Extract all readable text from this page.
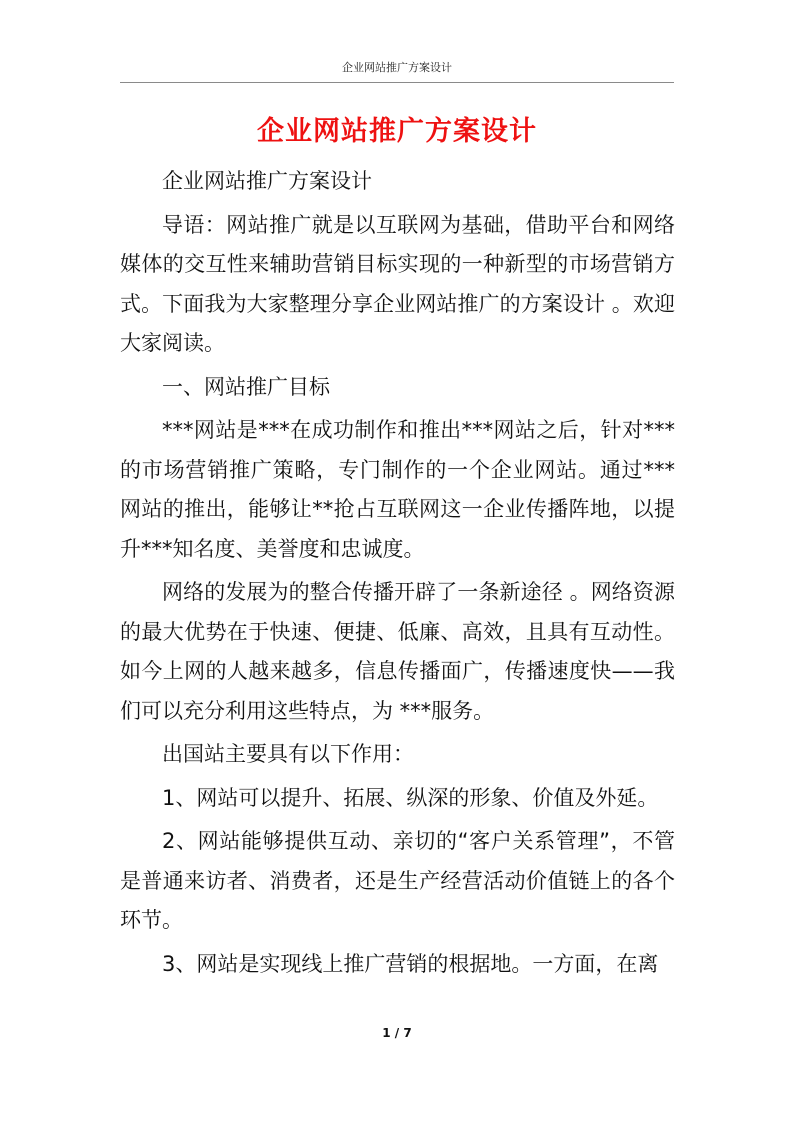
企业网站推广方案设计
企业网站推广方案设计

企业网站推广方案设计

导语：网站推广就是以互联网为基础，借助平台和网络媒体的交互性来辅助营销目标实现的一种新型的市场营销方式。下面我为大家整理分享企业网站推广的方案设计 。欢迎大家阅读。

一、网站推广目标

***网站是***在成功制作和推出***网站之后，针对***的市场营销推广策略，专门制作的一个企业网站。通过***网站的推出，能够让**抢占互联网这一企业传播阵地，以提升***知名度、美誉度和忠诚度。

网络的发展为的整合传播开辟了一条新途径 。网络资源的最大优势在于快速、便捷、低廉、高效，且具有互动性。如今上网的人越来越多，信息传播面广，传播速度快——我们可以充分利用这些特点，为 ***服务。

出国站主要具有以下作用：

1、网站可以提升、拓展、纵深的形象、价值及外延。

2、网站能够提供互动、亲切的“客户关系管理”，不管是普通来访者、消费者，还是生产经营活动价值链上的各个环节。

3、网站是实现线上推广营销的根据地。一方面，在离

1 / 7
